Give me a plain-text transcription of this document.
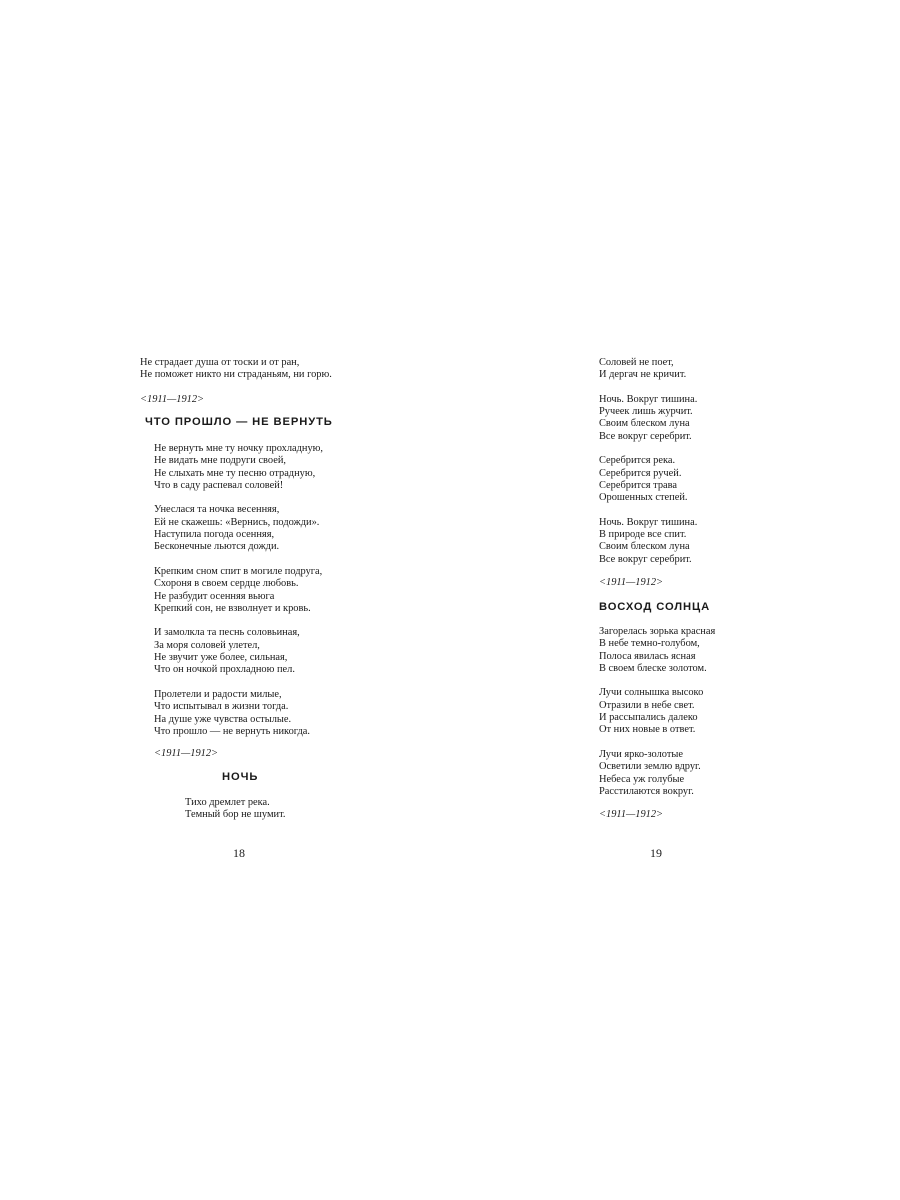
Не страдает душа от тоски и от ран,
Не поможет никто ни страданьям, ни горю.
<1911—1912>
ЧТО ПРОШЛО — НЕ ВЕРНУТЬ
Не вернуть мне ту ночку прохладную,
Не видать мне подруги своей,
Не слыхать мне ту песню отрадную,
Что в саду распевал соловей!
Унеслася та ночка весенняя,
Ей не скажешь: «Вернись, подожди».
Наступила погода осенняя,
Бесконечные льются дожди.
Крепким сном спит в могиле подруга,
Схороня в своем сердце любовь.
Не разбудит осенняя вьюга
Крепкий сон, не взволнует и кровь.
И замолкла та песнь соловьиная,
За моря соловей улетел,
Не звучит уже более, сильная,
Что он ночкой прохладною пел.
Пролетели и радости милые,
Что испытывал в жизни тогда.
На душе уже чувства остылые.
Что прошло — не вернуть никогда.
<1911—1912>
НОЧЬ
Тихо дремлет река.
Темный бор не шумит.
18
Соловей не поет,
И дергач не кричит.
Ночь. Вокруг тишина.
Ручеек лишь журчит.
Своим блеском луна
Все вокруг серебрит.
Серебрится река.
Серебрится ручей.
Серебрится трава
Орошенных степей.
Ночь. Вокруг тишина.
В природе все спит.
Своим блеском луна
Все вокруг серебрит.
<1911—1912>
ВОСХОД СОЛНЦА
Загорелась зорька красная
В небе темно-голубом,
Полоса явилась ясная
В своем блеске золотом.
Лучи солнышка высоко
Отразили в небе свет.
И рассыпались далеко
От них новые в ответ.
Лучи ярко-золотые
Осветили землю вдруг.
Небеса уж голубые
Расстилаются вокруг.
<1911—1912>
19
